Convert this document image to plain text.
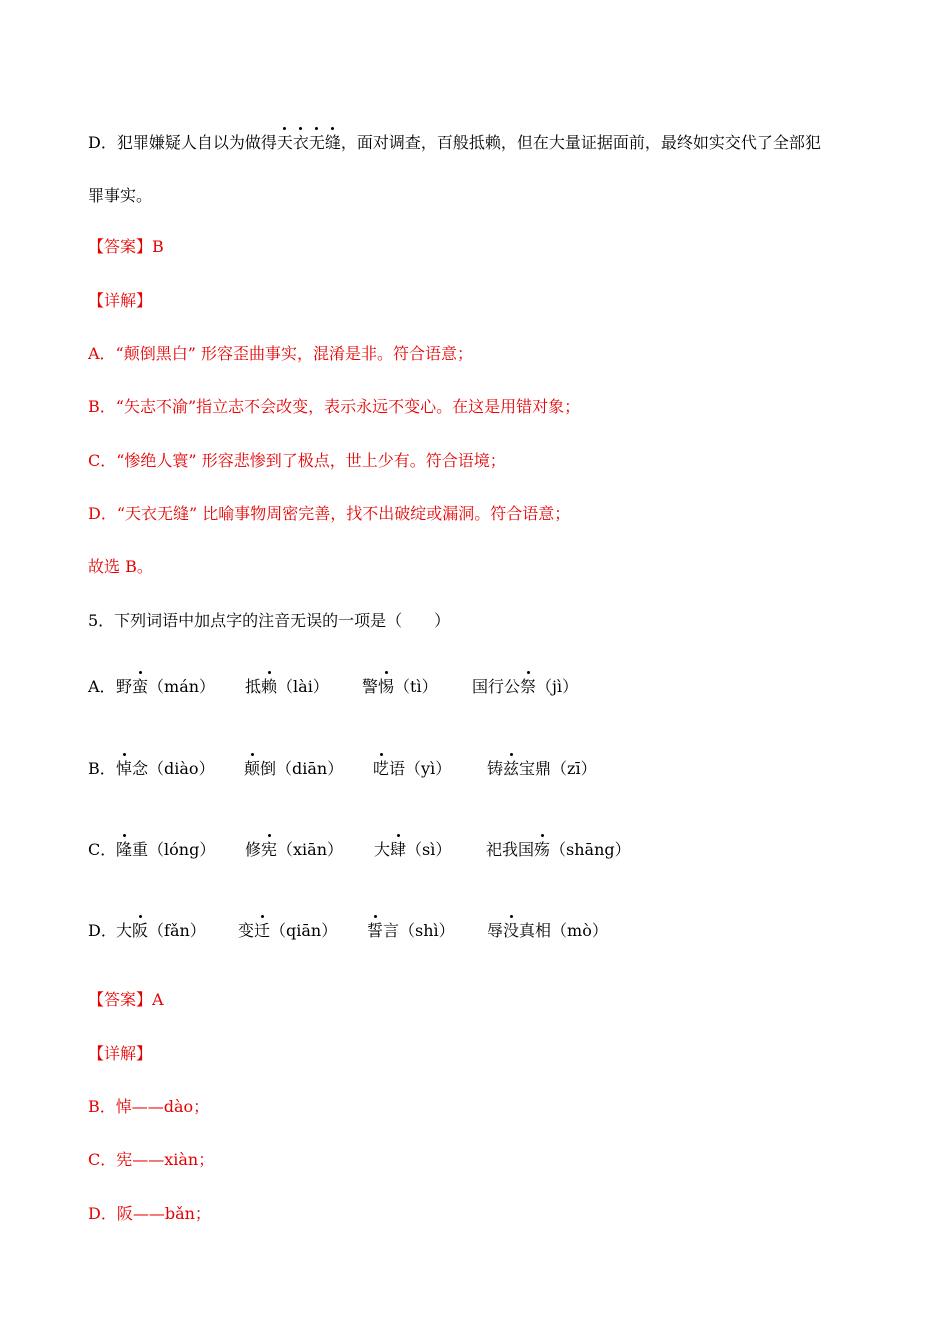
D．犯罪嫌疑人自以为做得天衣无缝，面对调查，百般抵赖，但在大量证据面前，最终如实交代了全部犯
罪事实。
【答案】B
【详解】
A．“颠倒黑白” 形容歪曲事实，混淆是非。符合语意；
B．“矢志不渝”指立志不会改变，表示永远不变心。在这是用错对象；
C．“惨绝人寰” 形容悲惨到了极点，世上少有。符合语境；
D．“天衣无缝” 比喻事物周密完善，找不出破绽或漏洞。符合语意；
故选 B。
5．下列词语中加点字的注音无误的一项是（　　）
A． 野蛮（mán） 抵赖（lài） 警惕（tì） 国行公祭（jì）
B． 悼念（diào） 颠倒（diān） 呓语（yì） 铸兹宝鼎（zī）
C． 隆重（lóng） 修宪（xiān） 大肆（sì） 祀我国殇（shāng）
D． 大阪（fǎn） 变迁（qiān） 誓言（shì） 辱没真相（mò）
【答案】A
【详解】
B．悼——dào；
C．宪——xiàn；
D．阪——bǎn；
